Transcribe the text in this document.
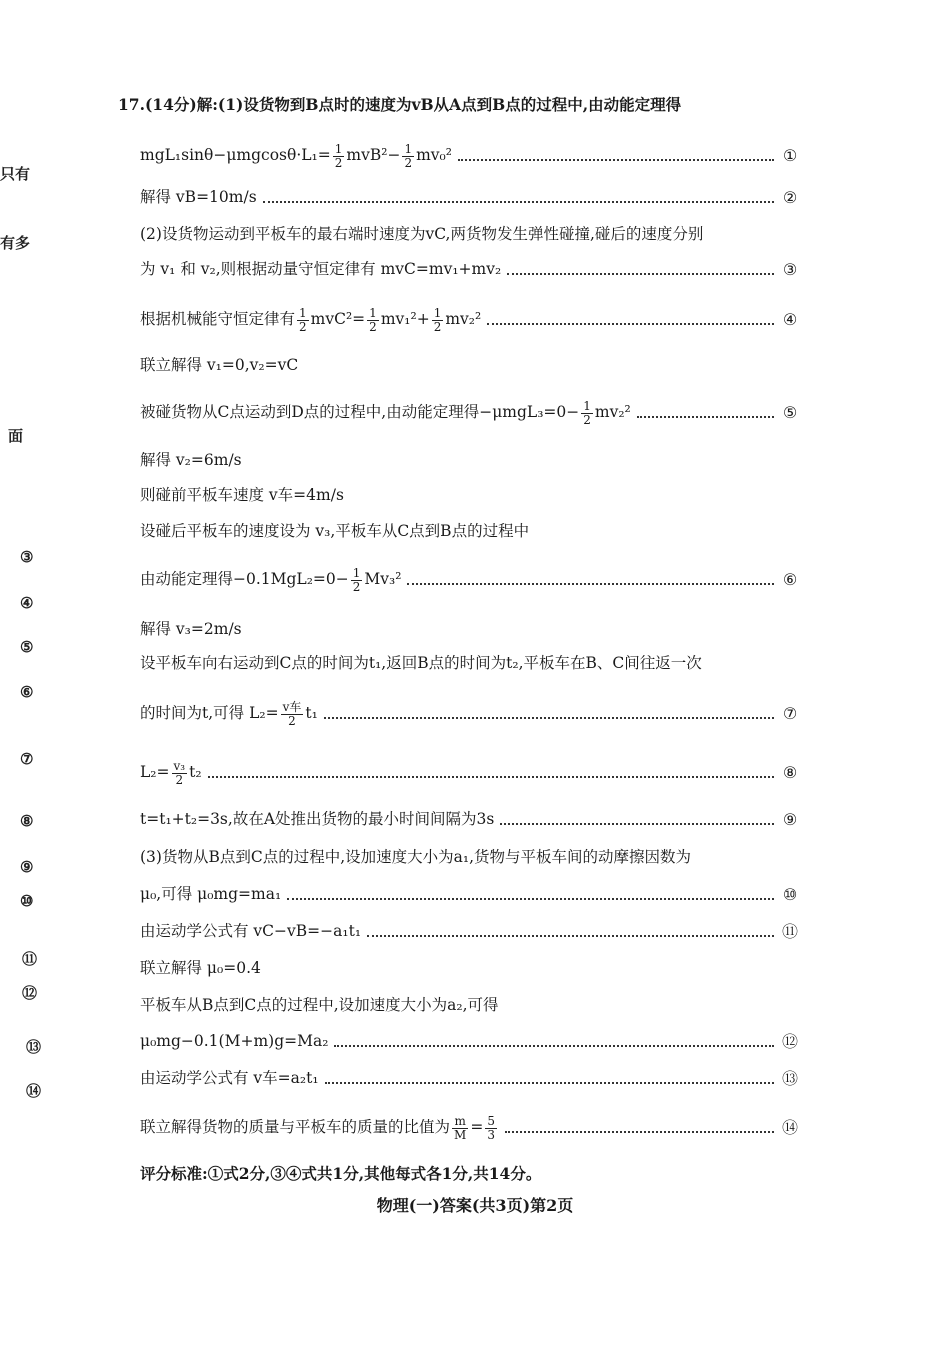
只有
有多
面
③
④
⑤
⑥
⑦
⑧
⑨
⑩
⑪
⑫
⑬
⑭
17.(14分)解:(1)设货物到B点时的速度为vB从A点到B点的过程中,由动能定理得
$mgL_1\sin\theta-\mu mgcos\theta\cdot L_1= \frac{1}{2} mvB^2- \frac{1}{2} mv_0^2$	①
解得 vB=10m/s	②
(2)设货物运动到平板车的最右端时速度为vC,两货物发生弹性碰撞,碰后的速度分别
为 v₁ 和 v₂,则根据动量守恒定律有 mvC=mv₁+mv₂	③
根据机械能守恒定律有 $\frac{1}{2} mvC^2= \frac{1}{2} mv_1^2+ \frac{1}{2} mv_2^2$	④
联立解得 v₁=0,v₂=vC
被碰货物从C点运动到D点的过程中,由动能定理得$-\mu mgL_3=0- \frac{1}{2} mv_2^2$	⑤
解得 v₂=6m/s
则碰前平板车速度 v车=4m/s
设碰后平板车的速度设为 v₃,平板车从C点到B点的过程中
由动能定理得$-0.1MgL_2=0- \frac{1}{2} Mv_3^2$	⑥
解得 v₃=2m/s
设平板车向右运动到C点的时间为t₁,返回B点的时间为t₂,平板车在B、C间往返一次
的时间为t,可得 $L_2= \frac{\text{v车}}{2} t_1$	⑦
$L_2= \frac{\text{v₃}}{2} t_2$	⑧
t=t₁+t₂=3s,故在A处推出货物的最小时间间隔为3s	⑨
(3)货物从B点到C点的过程中,设加速度大小为a₁,货物与平板车间的动摩擦因数为
μ₀,可得 μ₀mg=ma₁	⑩
由运动学公式有 vC−vB=−a₁t₁	⑪
联立解得 μ₀=0.4
平板车从B点到C点的过程中,设加速度大小为a₂,可得
μ₀mg−0.1(M+m)g=Ma₂	⑫
由运动学公式有 v车=a₂t₁	⑬
联立解得货物的质量与平板车的质量的比值为 $\frac{m}{M} = \frac{5}{3}$	⑭
评分标准:①式2分,③④式共1分,其他每式各1分,共14分。
物理(一)答案(共3页)第2页
